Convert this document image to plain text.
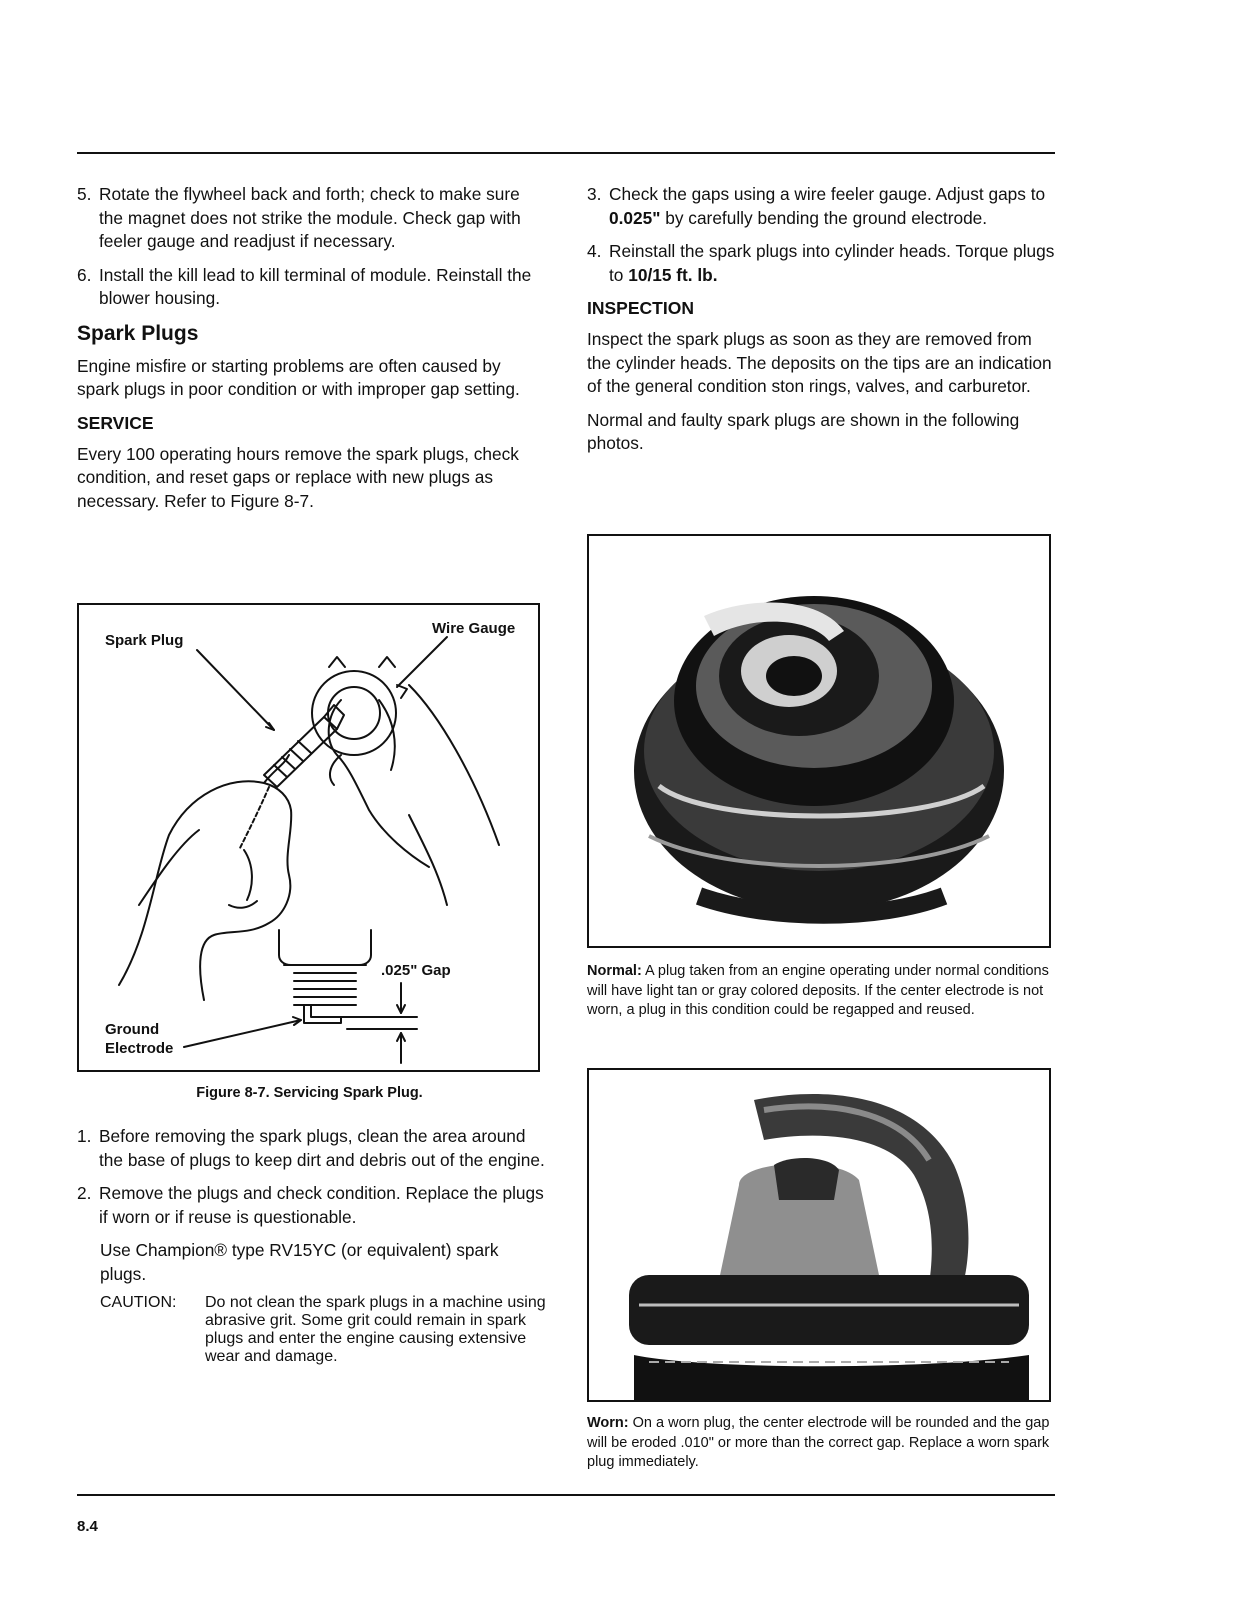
5. Rotate the flywheel back and forth; check to make sure the magnet does not strike the module. Check gap with feeler gauge and readjust if necessary.
6. Install the kill lead to kill terminal of module. Reinstall the blower housing.
Spark Plugs

Engine misfire or starting problems are often caused by spark plugs in poor condition or with improper gap setting.

SERVICE

Every 100 operating hours remove the spark plugs, check condition, and reset gaps or replace with new plugs as necessary. Refer to Figure 8-7.

Spark Plug
Wire Gauge
.025" Gap
Ground
Electrode
Figure 8-7. Servicing Spark Plug.
1. Before removing the spark plugs, clean the area around the base of plugs to keep dirt and debris out of the engine.
2. Remove the plugs and check condition. Replace the plugs if worn or if reuse is questionable.

Use Champion® type RV15YC (or equivalent) spark plugs.

CAUTION:	Do not clean the spark plugs in a machine using abrasive grit. Some grit could remain in spark plugs and enter the engine causing extensive wear and damage.
3. Check the gaps using a wire feeler gauge. Adjust gaps to 0.025" by carefully bending the ground electrode.
4. Reinstall the spark plugs into cylinder heads. Torque plugs to 10/15 ft. lb.
INSPECTION

Inspect the spark plugs as soon as they are removed from the cylinder heads. The deposits on the tips are an indication of the general condition ston rings, valves, and carburetor.

Normal and faulty spark plugs are shown in the following photos.

Normal: A plug taken from an engine operating under normal conditions will have light tan or gray colored deposits. If the center electrode is not worn, a plug in this condition could be regapped and reused.
Worn: On a worn plug, the center electrode will be rounded and the gap will be eroded .010" or more than the correct gap. Replace a worn spark plug immediately.
8.4
